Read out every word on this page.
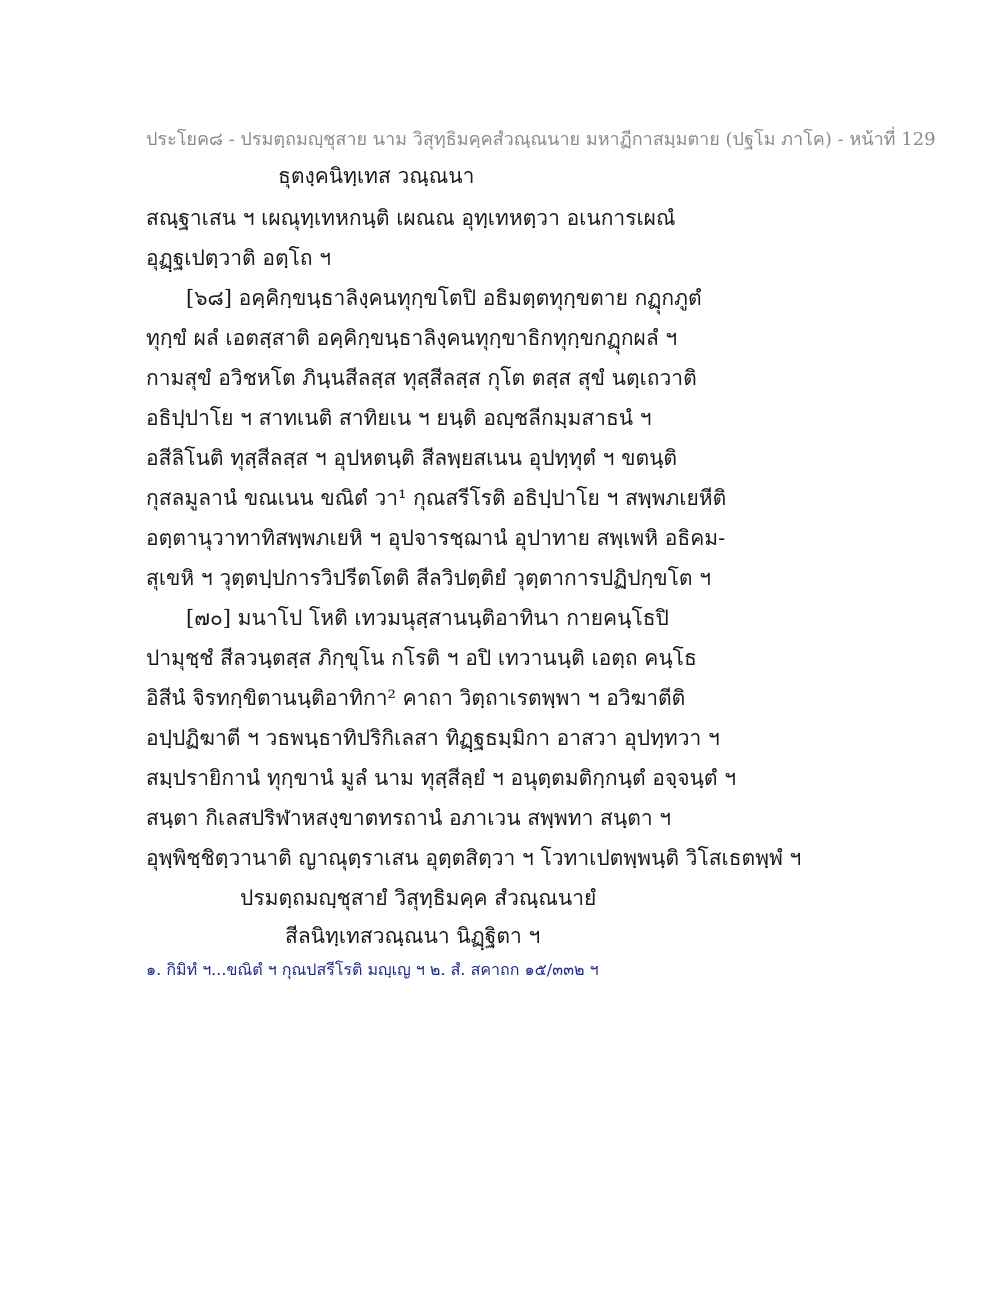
ประโยค๘ - ปรมตฺถมญฺชุสาย นาม วิสุทฺธิมคฺคสํวณฺณนาย มหาฏีกาสมฺมตาย (ปฐโม ภาโค) - หน้าที่ 129
ธุตงฺคนิทฺเทส วณฺณนา
สณฺฐาเสน ฯ เผณุทฺเทหกนฺติ เผณณ อุทฺเทหตฺวา อเนการเผณํ
อุฏฺฐเปตฺวาติ อตฺโถ ฯ
[๖๘] อคฺคิกฺขนฺธาลิงฺคนทุกฺขโตปิ อธิมตฺตทุกฺขตาย กฏุกภูตํ
ทุกฺขํ ผลํ เอตสฺสาติ อคฺคิกฺขนฺธาลิงฺคนทุกฺขาธิกทุกฺขกฏุกผลํ ฯ
กามสุขํ อวิชหโต ภินฺนสีลสฺส ทุสฺสีลสฺส กุโต ตสฺส สุขํ นตฺเถวาติ
อธิปฺปาโย ฯ สาทเนติ สาทิยเน ฯ ยนฺติ อญฺชลีกมฺมสาธนํ ฯ
อสีลิโนติ ทุสฺสีลสฺส ฯ อุปหตนฺติ สีลพฺยสเนน อุปทฺทุตํ ฯ ขตนฺติ
กุสลมูลานํ ขณเนน ขณิตํ วา¹ กุณสรีโรติ อธิปฺปาโย ฯ สพฺพภเยหีติ
อตฺตานุวาทาทิสพฺพภเยหิ ฯ อุปจารชฺฌานํ อุปาทาย สพฺเพหิ อธิคม-
สุเขหิ ฯ วุตฺตปฺปการวิปรีตโตติ สีลวิปตฺติยํ วุตฺตาการปฏิปกฺขโต ฯ
[๗๐] มนาโป โหติ เทวมนุสฺสานนฺติอาทินา กายคนฺโธปิ
ปามุชฺชํ สีลวนฺตสฺส ภิกฺขุโน กโรติ ฯ อปิ เทวานนฺติ เอตฺถ คนฺโธ
อิสีนํ จิรทกฺขิตานนฺติอาทิกา² คาถา วิตฺถาเรตพฺพา ฯ อวิฆาตีติ
อปฺปฏิฆาตี ฯ วธพนฺธาทิปริกิเลสา ทิฏฺฐธมฺมิกา อาสวา อุปทฺทวา ฯ
สมฺปรายิกานํ ทุกฺขานํ มูลํ นาม ทุสฺสีลฺยํ ฯ อนุตฺตมติกฺกนฺตํ อจฺจนฺตํ ฯ
สนฺตา กิเลสปริฬาหสงฺขาตทรถานํ อภาเวน สพฺพทา สนฺตา ฯ
อุพฺพิชฺชิตฺวานาติ ญาณุตฺราเสน อุตฺตสิตฺวา ฯ โวทาเปตพฺพนฺติ วิโสเธตพฺพํ ฯ
ปรมตฺถมญฺชุสายํ วิสุทฺธิมคฺค สํวณฺณนายํ
สีลนิทฺเทสวณฺณนา นิฏฺฐิตา ฯ
๑. กิมิทํ ฯ...ขณิตํ ฯ กุณปสรีโรติ มญฺเญ ฯ ๒. สํ. สคาถก ๑๕/๓๓๒ ฯ
